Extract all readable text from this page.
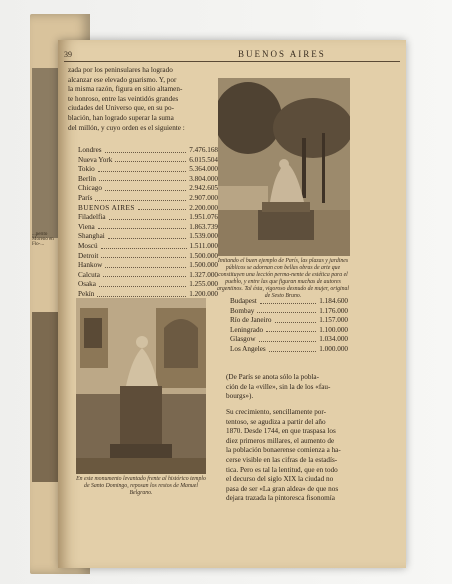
39	BUENOS AIRES
zada por los peninsulares ha logrado
alcanzar ese elevado guarismo. Y, por
la misma razón, figura en sitio altamen-
te honroso, entre las veintidós grandes
ciudades del Universo que, en su po-
blación, han logrado superar la suma
del millón, y cuyo orden es el siguiente :
Londres	7.476.168
Nueva York	6.015.504
Tokio	5.364.000
Berlín	3.804.000
Chicago	2.942.605
París	2.907.000
BUENOS AIRES	2.200.000
Filadelfia	1.951.076
Viena	1.863.739
Shanghai	1.539.000
Moscú	1.511.000
Detroit	1.500.000
Hankow	1.500.000
Calcuta	1.327.000
Osaka	1.255.000
Pekín	1.200.000
Imitando el buen ejemplo de París, las plazas y jardines públicos se adornan con bellas obras de arte que constituyen una lección perma-nente de estética para el pueblo, y entre las que figuran muchas de autores argentinos. Tal ésta, vigoroso desnudo de mujer, original de Sesto Bruno.
En este monumento levantado frente al histórico templo de Santo Domingo, reposan los restos de Manuel Belgrano.
Budapest	1.184.600
Bombay	1.176.000
Río de Janeiro	1.157.000
Leningrado	1.100.000
Glasgow	1.034.000
Los Angeles	1.000.000
(De París se anota sólo la pobla-
ción de la «ville», sin la de los «fau-
bourgs»).
Su crecimiento, sencillamente por-
tentoso, se agudiza a partir del año
1870. Desde 1744, en que traspasa los
diez primeros millares, el aumento de
la población bonaerense comienza a ha-
cerse visible en las cifras de la estadís-
tica. Pero es tal la lentitud, que en todo
el decurso del siglo XIX la ciudad no
pasa de ser «La gran aldea» de que nos
dejara trazada la pintoresca fisonomía
...perito Moreno en Flo-...
